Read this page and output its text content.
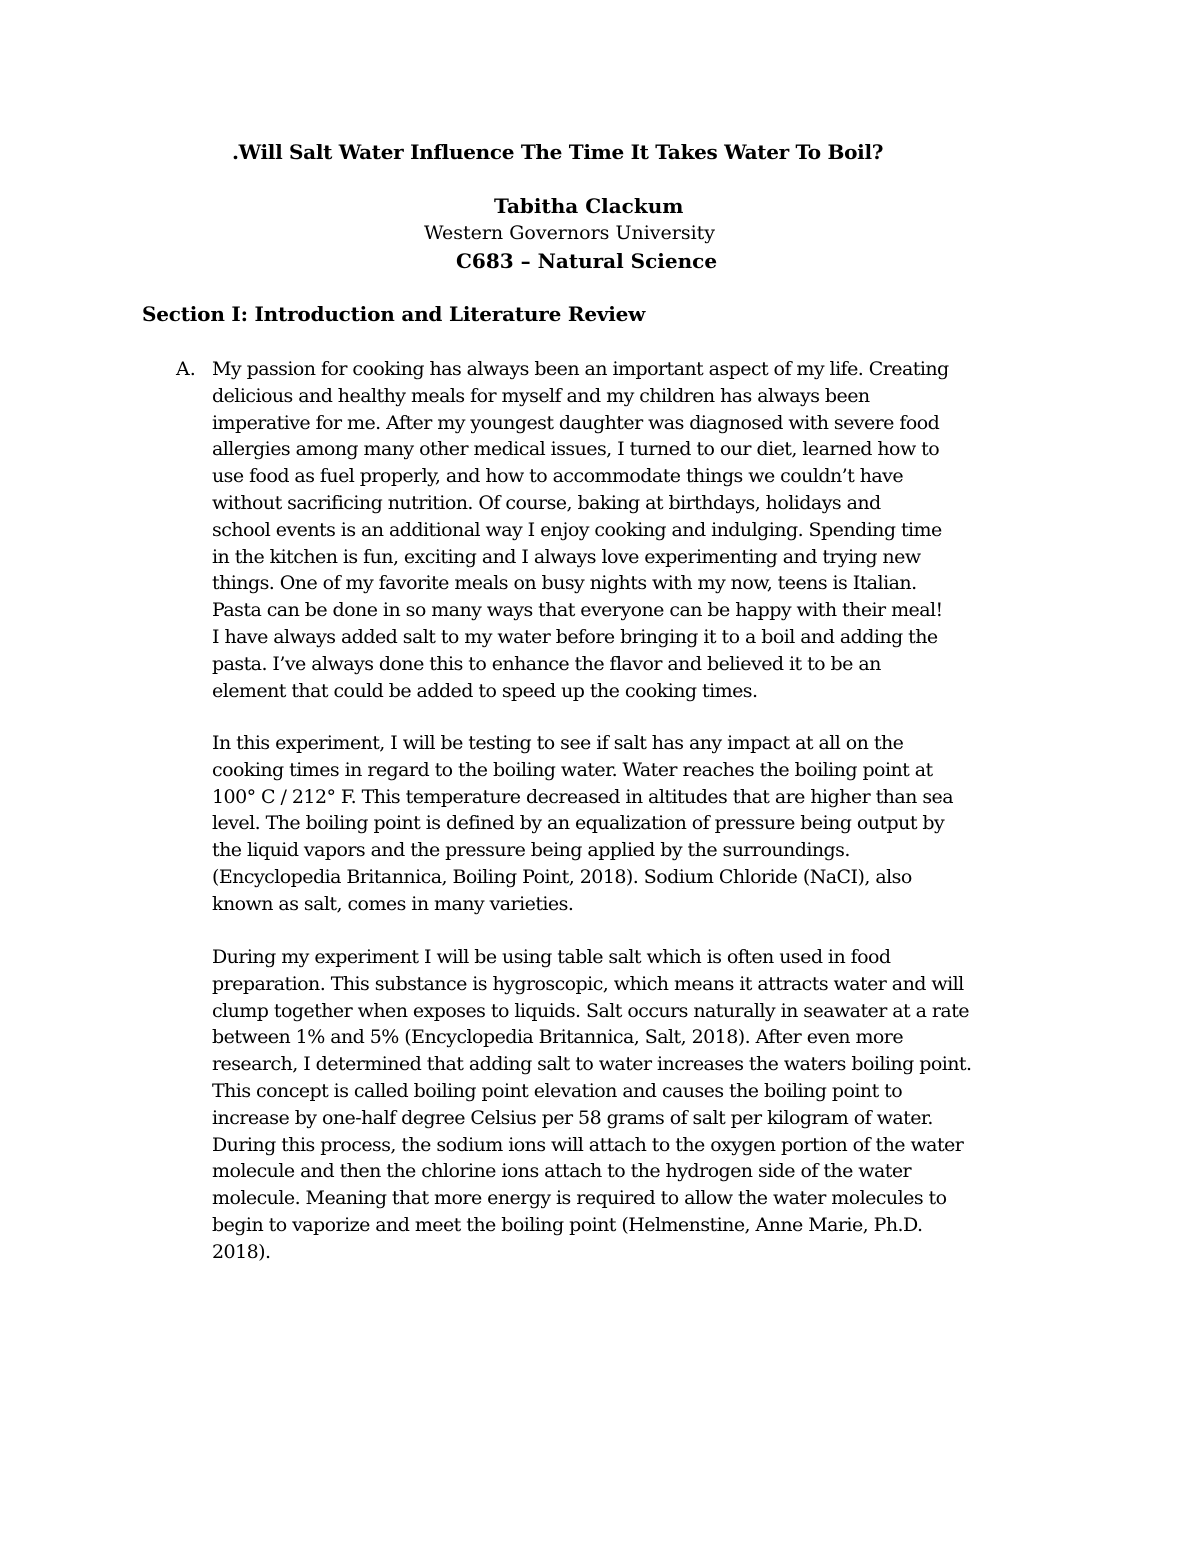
.Will Salt Water Influence The Time It Takes Water To Boil?
Tabitha Clackum
Western Governors University
C683 – Natural Science
Section I: Introduction and Literature Review
A. My passion for cooking has always been an important aspect of my life. Creating
delicious and healthy meals for myself and my children has always been
imperative for me. After my youngest daughter was diagnosed with severe food
allergies among many other medical issues, I turned to our diet, learned how to
use food as fuel properly, and how to accommodate things we couldn’t have
without sacrificing nutrition. Of course, baking at birthdays, holidays and
school events is an additional way I enjoy cooking and indulging. Spending time
in the kitchen is fun, exciting and I always love experimenting and trying new
things. One of my favorite meals on busy nights with my now, teens is Italian.
Pasta can be done in so many ways that everyone can be happy with their meal!
I have always added salt to my water before bringing it to a boil and adding the
pasta. I’ve always done this to enhance the flavor and believed it to be an
element that could be added to speed up the cooking times.
In this experiment, I will be testing to see if salt has any impact at all on the
cooking times in regard to the boiling water. Water reaches the boiling point at
100° C / 212° F. This temperature decreased in altitudes that are higher than sea
level. The boiling point is defined by an equalization of pressure being output by
the liquid vapors and the pressure being applied by the surroundings.
(Encyclopedia Britannica, Boiling Point, 2018). Sodium Chloride (NaCI), also
known as salt, comes in many varieties.
During my experiment I will be using table salt which is often used in food
preparation. This substance is hygroscopic, which means it attracts water and will
clump together when exposes to liquids. Salt occurs naturally in seawater at a rate
between 1% and 5% (Encyclopedia Britannica, Salt, 2018). After even more
research, I determined that adding salt to water increases the waters boiling point.
This concept is called boiling point elevation and causes the boiling point to
increase by one-half degree Celsius per 58 grams of salt per kilogram of water.
During this process, the sodium ions will attach to the oxygen portion of the water
molecule and then the chlorine ions attach to the hydrogen side of the water
molecule. Meaning that more energy is required to allow the water molecules to
begin to vaporize and meet the boiling point (Helmenstine, Anne Marie, Ph.D.
2018).
